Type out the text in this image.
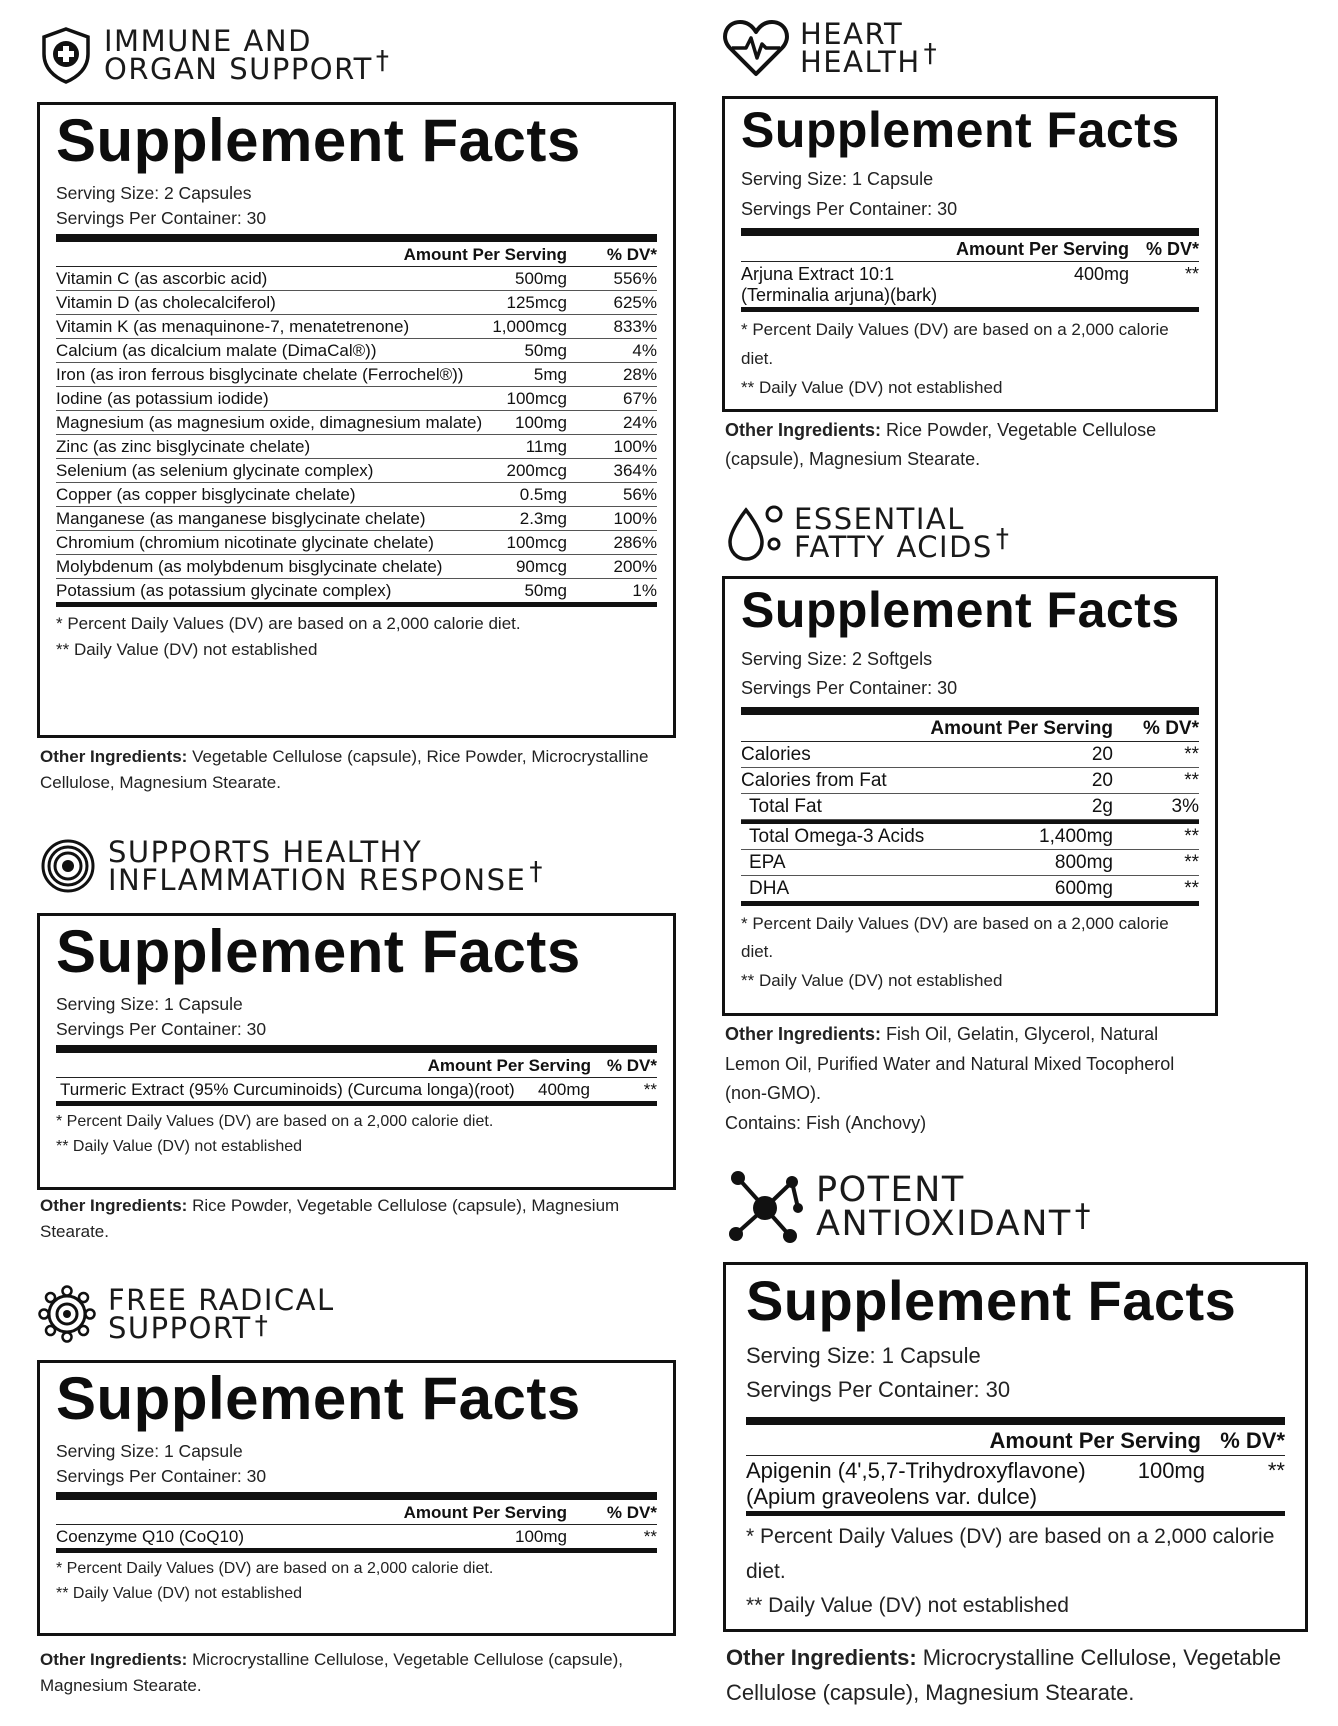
IMMUNE AND
ORGAN SUPPORT †
Supplement Facts
Serving Size: 2 Capsules
Servings Per Container: 30
Amount Per Serving	% DV*
Vitamin C (as ascorbic acid)	500mg	556%
Vitamin D (as cholecalciferol)	125mcg	625%
Vitamin K (as menaquinone-7, menatetrenone)	1,000mcg	833%
Calcium (as dicalcium malate (DimaCal®))	50mg	4%
Iron (as iron ferrous bisglycinate chelate (Ferrochel®))	5mg	28%
Iodine (as potassium iodide)	100mcg	67%
Magnesium (as magnesium oxide, dimagnesium malate)	100mg	24%
Zinc (as zinc bisglycinate chelate)	11mg	100%
Selenium (as selenium glycinate complex)	200mcg	364%
Copper (as copper bisglycinate chelate)	0.5mg	56%
Manganese (as manganese bisglycinate chelate)	2.3mg	100%
Chromium (chromium nicotinate glycinate chelate)	100mcg	286%
Molybdenum (as molybdenum bisglycinate chelate)	90mcg	200%
Potassium (as potassium glycinate complex)	50mg	1%
* Percent Daily Values (DV) are based on a 2,000 calorie diet.
** Daily Value (DV) not established
Other Ingredients: Vegetable Cellulose (capsule), Rice Powder, Microcrystalline Cellulose, Magnesium Stearate.
SUPPORTS HEALTHY
INFLAMMATION RESPONSE †
Supplement Facts
Serving Size: 1 Capsule
Servings Per Container: 30
Amount Per Serving % DV*
Turmeric Extract (95% Curcuminoids) (Curcuma longa)(root)	400mg	**
* Percent Daily Values (DV) are based on a 2,000 calorie diet.
** Daily Value (DV) not established
Other Ingredients: Rice Powder, Vegetable Cellulose (capsule), Magnesium Stearate.
FREE RADICAL
SUPPORT †
Supplement Facts
Serving Size: 1 Capsule
Servings Per Container: 30
Amount Per Serving	% DV*
Coenzyme Q10 (CoQ10)	100mg	**
* Percent Daily Values (DV) are based on a 2,000 calorie diet.
** Daily Value (DV) not established
Other Ingredients: Microcrystalline Cellulose, Vegetable Cellulose (capsule), Magnesium Stearate.
HEART
HEALTH †
Supplement Facts
Serving Size: 1 Capsule
Servings Per Container: 30
Amount Per Serving % DV*
Arjuna Extract 10:1
(Terminalia arjuna)(bark)
400mg	**
* Percent Daily Values (DV) are based on a 2,000 calorie diet.
** Daily Value (DV) not established
Other Ingredients: Rice Powder, Vegetable Cellulose (capsule), Magnesium Stearate.
ESSENTIAL
FATTY ACIDS †
Supplement Facts
Serving Size: 2 Softgels
Servings Per Container: 30
Amount Per Serving	% DV*
Calories	20	**
Calories from Fat	20	**
Total Fat	2g	3%
Total Omega-3 Acids	1,400mg	**
EPA	800mg	**
DHA	600mg	**
* Percent Daily Values (DV) are based on a 2,000 calorie diet.
** Daily Value (DV) not established
Other Ingredients: Fish Oil, Gelatin, Glycerol, Natural Lemon Oil, Purified Water and Natural Mixed Tocopherol (non-GMO).
Contains: Fish (Anchovy)
POTENT
ANTIOXIDANT†
Supplement Facts
Serving Size: 1 Capsule
Servings Per Container: 30
Amount Per Serving % DV*
Apigenin (4',5,7-Trihydroxyflavone)
(Apium graveolens var. dulce)
100mg	**
* Percent Daily Values (DV) are based on a 2,000 calorie diet.
** Daily Value (DV) not established
Other Ingredients: Microcrystalline Cellulose, Vegetable Cellulose (capsule), Magnesium Stearate.
